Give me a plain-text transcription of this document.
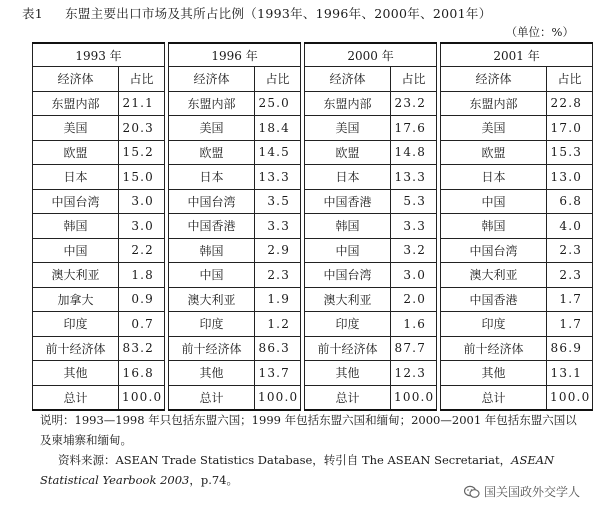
表1 东盟主要出口市场及其所占比例（1993年、1996年、2000年、2001年）
（单位：%）
1993 年			1996 年			2000 年			2001 年	
经济体	占比		经济体	占比		经济体	占比		经济体	占比
东盟内部	21.1		东盟内部	25.0		东盟内部	23.2		东盟内部	22.8
美国	20.3		美国	18.4		美国	17.6		美国	17.0
欧盟	15.2		欧盟	14.5		欧盟	14.8		欧盟	15.3
日本	15.0		日本	13.3		日本	13.3		日本	13.0
中国台湾	3.0		中国台湾	3.5		中国香港	5.3		中国	6.8
韩国	3.0		中国香港	3.3		韩国	3.3		韩国	4.0
中国	2.2		韩国	2.9		中国	3.2		中国台湾	2.3
澳大利亚	1.8		中国	2.3		中国台湾	3.0		澳大利亚	2.3
加拿大	0.9		澳大利亚	1.9		澳大利亚	2.0		中国香港	1.7
印度	0.7		印度	1.2		印度	1.6		印度	1.7
前十经济体	83.2		前十经济体	86.3		前十经济体	87.7		前十经济体	86.9
其他	16.8		其他	13.7		其他	12.3		其他	13.1
总计	100.0		总计	100.0		总计	100.0		总计	100.0

说明：1993—1998 年只包括东盟六国；1999 年包括东盟六国和缅甸；2000—2001 年包括东盟六国以及柬埔寨和缅甸。

资料来源：ASEAN Trade Statistics Database，转引自 The ASEAN Secretariat，ASEAN Statistical Yearbook 2003，p.74。

国关国政外交学人
